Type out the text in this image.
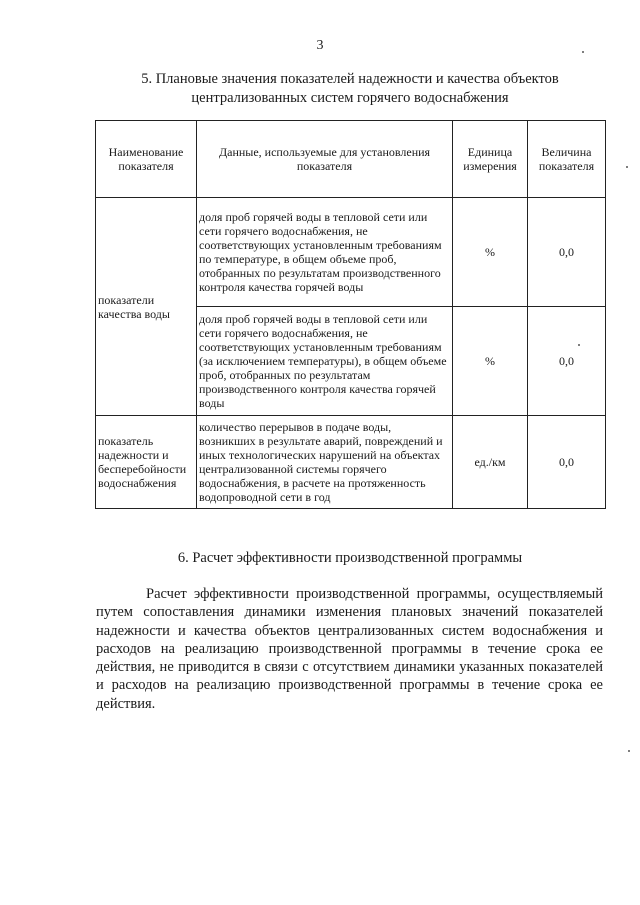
3
5. Плановые значения показателей надежности и качества объектов
централизованных систем горячего водоснабжения
Наименование показателя	Данные, используемые для установления показателя	Единица измерения	Величина показателя
показатели качества воды	доля проб горячей воды в тепловой сети или сети горячего водоснабжения, не соответствующих установленным требованиям по температуре, в общем объеме проб, отобранных по результатам производственного контроля качества горячей воды	%	0,0
	доля проб горячей воды в тепловой сети или сети горячего водоснабжения, не соответствующих установленным требованиям (за исключением температуры), в общем объеме проб, отобранных по результатам производственного контроля качества горячей воды	%	0,0
показатель надежности и бесперебойности водоснабжения	количество перерывов в подаче воды, возникших в результате аварий, повреждений и иных технологических нарушений на объектах централизованной системы горячего водоснабжения, в расчете на протяженность водопроводной сети в год	ед./км	0,0
6. Расчет эффективности производственной программы

Расчет эффективности производственной программы, осуществляемый путем сопоставления динамики изменения плановых значений показателей надежности и качества объектов централизованных систем водоснабжения и расходов на реализацию производственной программы в течение срока ее действия, не приводится в связи с отсутствием динамики указанных показателей и расходов на реализацию производственной программы в течение срока ее действия.
